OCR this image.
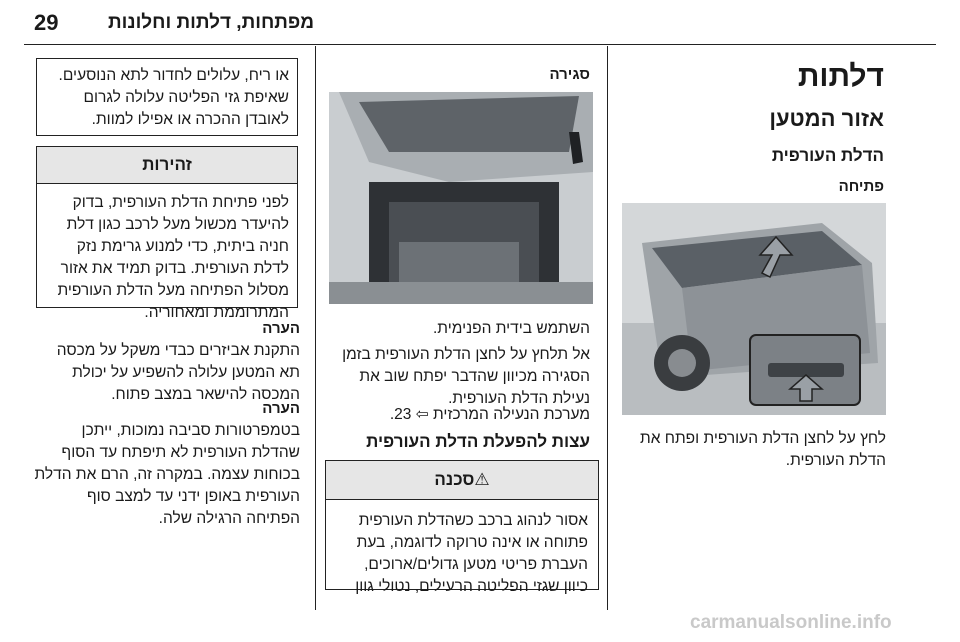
29	מפתחות, דלתות וחלונות
דלתות
אזור המטען
הדלת העורפית
פתיחה
לחץ על לחצן הדלת העורפית ופתח את
הדלת העורפית.
סגירה
השתמש בידית הפנימית.
אל תלחץ על לחצן הדלת העורפית בזמן
הסגירה מכיוון שהדבר יפתח שוב את
נעילת הדלת העורפית.
מערכת הנעילה המרכזית ⇦ 23.
עצות להפעלת הדלת העורפית
⚠סכנה
אסור לנהוג ברכב כשהדלת העורפית
פתוחה או אינה טרוקה לדוגמה, בעת
העברת פריטי מטען גדולים/ארוכים,
כיוון שגזי הפליטה הרעילים, נטולי גוון
או ריח, עלולים לחדור לתא הנוסעים.
שאיפת גזי הפליטה עלולה לגרום
לאובדן ההכרה או אפילו למוות.
זהירות
לפני פתיחת הדלת העורפית, בדוק
להיעדר מכשול מעל לרכב כגון דלת
חניה ביתית, כדי למנוע גרימת נזק
לדלת העורפית. בדוק תמיד את אזור
מסלול הפתיחה מעל הדלת העורפית
המתרוממת ומאחוריה.
הערה
התקנת אביזרים כבדי משקל על מכסה
תא המטען עלולה להשפיע על יכולת
המכסה להישאר במצב פתוח.
הערה
בטמפרטורות סביבה נמוכות, ייתכן
שהדלת העורפית לא תיפתח עד הסוף
בכוחות עצמה. במקרה זה, הרם את הדלת
העורפית באופן ידני עד למצב סוף
הפתיחה הרגילה שלה.
carmanualsonline.info
